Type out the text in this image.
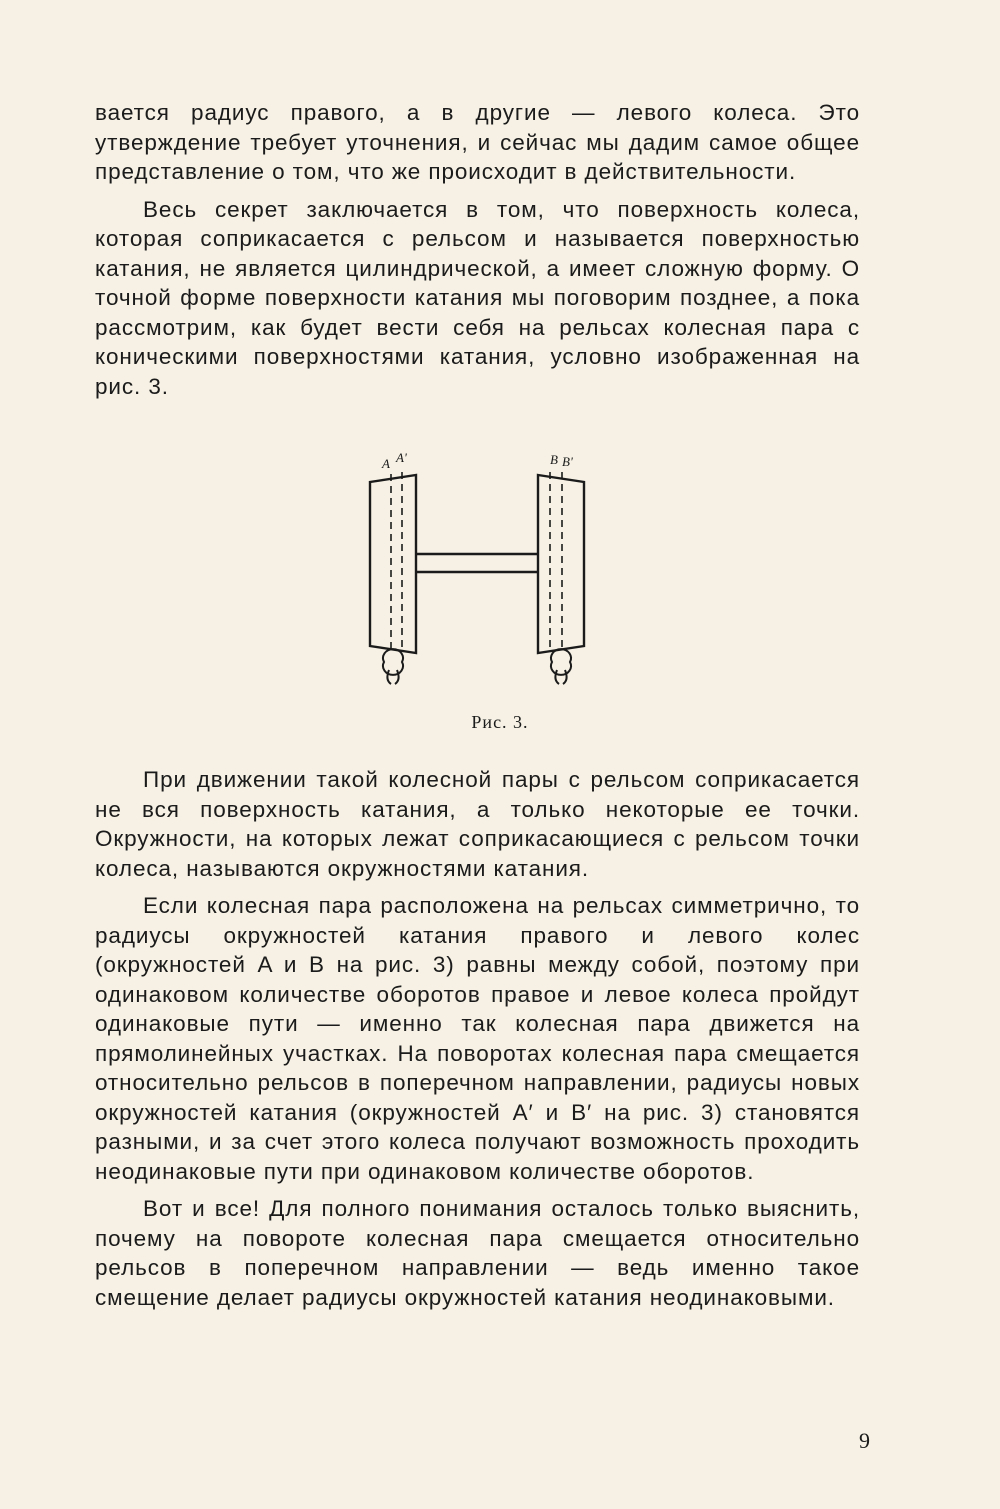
вается радиус правого, а в другие — левого колеса. Это утверждение требует уточнения, и сейчас мы дадим самое общее представление о том, что же происходит в действительности.

Весь секрет заключается в том, что поверхность колеса, которая соприкасается с рельсом и называется поверхностью катания, не является цилиндрической, а имеет сложную форму. О точной форме поверхности катания мы поговорим позднее, а пока рассмотрим, как будет вести себя на рельсах колесная пара с коническими поверхностями катания, условно изображенная на рис. 3.

A A'	B B'
Рис. 3.

При движении такой колесной пары с рельсом соприкасается не вся поверхность катания, а только некоторые ее точки. Окружности, на которых лежат соприкасающиеся с рельсом точки колеса, называются окружностями катания.

Если колесная пара расположена на рельсах симметрично, то радиусы окружностей катания правого и левого колес (окружностей A и B на рис. 3) равны между собой, поэтому при одинаковом количестве оборотов правое и левое колеса пройдут одинаковые пути — именно так колесная пара движется на прямолинейных участках. На поворотах колесная пара смещается относительно рельсов в поперечном направлении, радиусы новых окружностей катания (окружностей A′ и B′ на рис. 3) становятся разными, и за счет этого колеса получают возможность проходить неодинаковые пути при одинаковом количестве оборотов.

Вот и все! Для полного понимания осталось только выяснить, почему на повороте колесная пара смещается относительно рельсов в поперечном направлении — ведь именно такое смещение делает радиусы окружностей катания неодинаковыми.

9
